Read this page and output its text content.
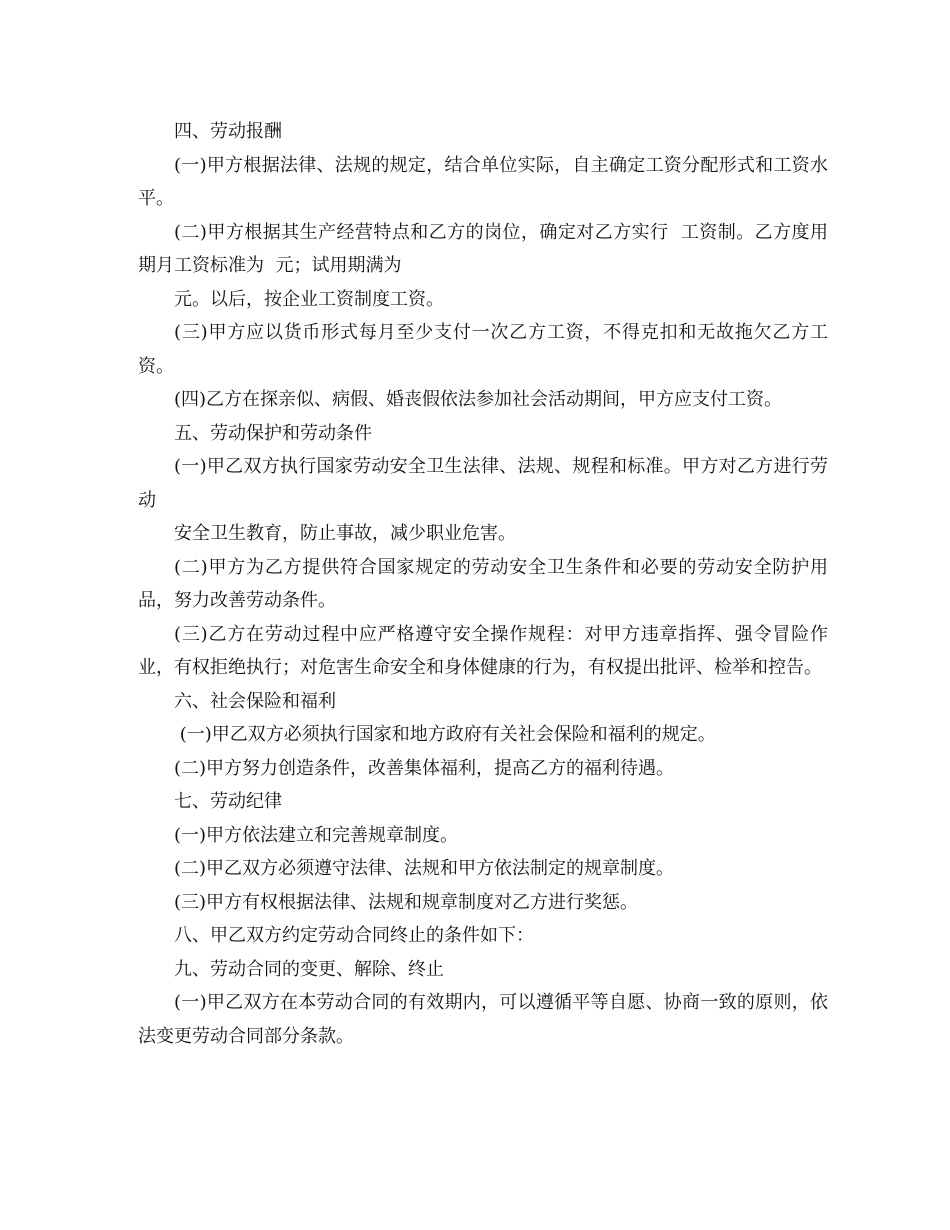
四、劳动报酬

(一)甲方根据法律、法规的规定，结合单位实际，自主确定工资分配形式和工资水平。

(二)甲方根据其生产经营特点和乙方的岗位，确定对乙方实行  工资制。乙方度用期月工资标准为  元；试用期满为

元。以后，按企业工资制度工资。

(三)甲方应以货币形式每月至少支付一次乙方工资，不得克扣和无故拖欠乙方工资。

(四)乙方在探亲似、病假、婚丧假依法参加社会活动期间，甲方应支付工资。

五、劳动保护和劳动条件

(一)甲乙双方执行国家劳动安全卫生法律、法规、规程和标准。甲方对乙方进行劳动

安全卫生教育，防止事故，减少职业危害。

(二)甲方为乙方提供符合国家规定的劳动安全卫生条件和必要的劳动安全防护用品，努力改善劳动条件。

(三)乙方在劳动过程中应严格遵守安全操作规程：对甲方违章指挥、强令冒险作业，有权拒绝执行；对危害生命安全和身体健康的行为，有权提出批评、检举和控告。

六、社会保险和福利

(一)甲乙双方必须执行国家和地方政府有关社会保险和福利的规定。

(二)甲方努力创造条件，改善集体福利，提高乙方的福利待遇。

七、劳动纪律

(一)甲方依法建立和完善规章制度。

(二)甲乙双方必须遵守法律、法规和甲方依法制定的规章制度。

(三)甲方有权根据法律、法规和规章制度对乙方进行奖惩。

八、甲乙双方约定劳动合同终止的条件如下：

九、劳动合同的变更、解除、终止

(一)甲乙双方在本劳动合同的有效期内，可以遵循平等自愿、协商一致的原则，依法变更劳动合同部分条款。
